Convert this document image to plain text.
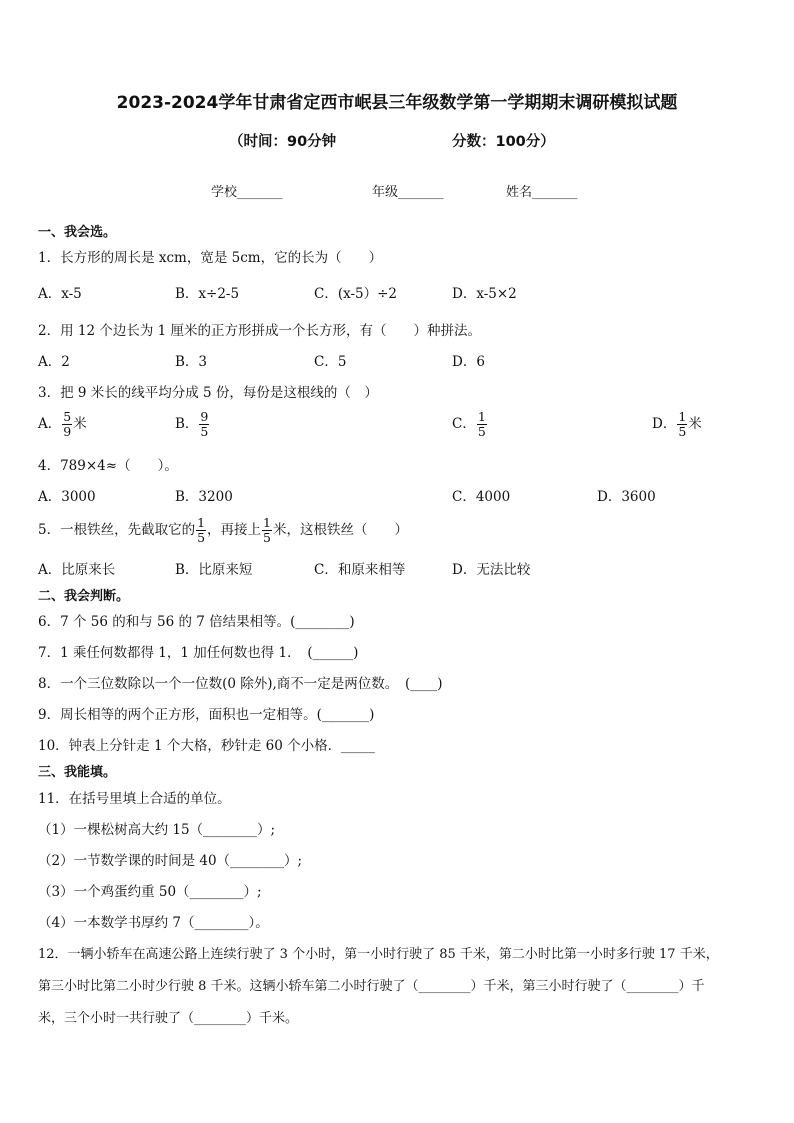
2023-2024学年甘肃省定西市岷县三年级数学第一学期期末调研模拟试题
（时间：90分钟	分数：100分）
学校_______	年级_______	姓名_______
一、我会选。
1．长方形的周长是 xcm，宽是 5cm，它的长为（　　）
A．x-5	B．x÷2-5	C．(x-5）÷2	D．x-5×2
2．用 12 个边长为 1 厘米的正方形拼成一个长方形，有（　　）种拼法。
A．2	B．3	C．5	D．6
3．把 9 米长的线平均分成 5 份，每份是这根线的（　）
A． $\frac{5}{9}$ 米	B． $\frac{9}{5}$	C． $\frac{1}{5}$	D． $\frac{1}{5}$ 米
4．789×4≈（　　）。
A．3000	B．3200	C．4000	D．3600
5．一根铁丝，先截取它的 $\frac{1}{5}$ ，再接上 $\frac{1}{5}$ 米，这根铁丝（　　）
A．比原来长	B．比原来短	C．和原来相等	D．无法比较
二、我会判断。
6．7 个 56 的和与 56 的 7 倍结果相等。(________)
7．1 乘任何数都得 1，1 加任何数也得 1．　(______)
8．一个三位数除以一个一位数(0 除外),商不一定是两位数。　(____)
9．周长相等的两个正方形，面积也一定相等。(_______)
10．钟表上分针走 1 个大格，秒针走 60 个小格．_____
三、我能填。
11．在括号里填上合适的单位。
（1）一棵松树高大约 15（________）;
（2）一节数学课的时间是 40（________）;
（3）一个鸡蛋约重 50（________）;
（4）一本数学书厚约 7（________）。
12．一辆小轿车在高速公路上连续行驶了 3 个小时，第一小时行驶了 85 千米，第二小时比第一小时多行驶 17 千米，
第三小时比第二小时少行驶 8 千米。这辆小轿车第二小时行驶了（________）千米，第三小时行驶了（________）千
米，三个小时一共行驶了（________）千米。
